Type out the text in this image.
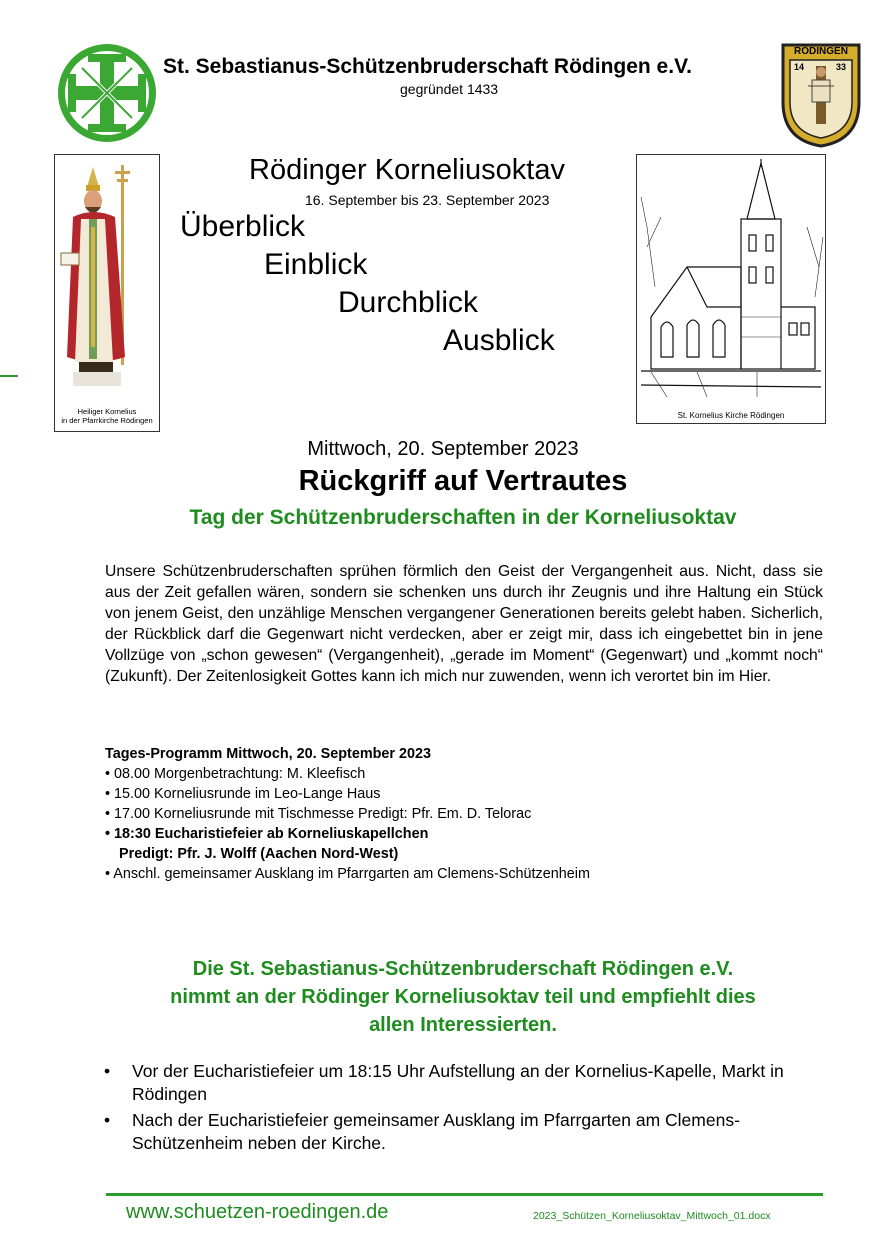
St. Sebastianus-Schützenbruderschaft Rödingen e.V.
gegründet 1433
RÖDINGEN
14	33
Heiliger Kornelius
in der Pfarrkirche Rödingen
Rödinger Korneliusoktav
16. September bis 23. September 2023
Überblick
Einblick
Durchblick
Ausblick
St. Kornelius Kirche Rödingen
Mittwoch, 20. September 2023
Rückgriff auf Vertrautes
Tag der Schützenbruderschaften in der Korneliusoktav
Unsere Schützenbruderschaften sprühen förmlich den Geist der Vergangenheit aus. Nicht, dass sie aus der Zeit gefallen wären, sondern sie schenken uns durch ihr Zeugnis und ihre Haltung ein Stück von jenem Geist, den unzählige Menschen vergangener Generationen bereits gelebt haben. Sicherlich, der Rückblick darf die Gegenwart nicht verdecken, aber er zeigt mir, dass ich eingebettet bin in jene Vollzüge von „schon gewesen“ (Vergangenheit), „gerade im Moment“ (Gegenwart) und „kommt noch“ (Zukunft). Der Zeitenlosigkeit Gottes kann ich mich nur zuwenden, wenn ich verortet bin im Hier.
Tages-Programm Mittwoch, 20. September 2023
• 08.00 Morgenbetrachtung: M. Kleefisch
• 15.00 Korneliusrunde im Leo-Lange Haus
• 17.00 Korneliusrunde mit Tischmesse Predigt: Pfr. Em. D. Telorac
• 18:30 Eucharistiefeier ab Korneliuskapellchen
Predigt: Pfr. J. Wolff (Aachen Nord-West)
• Anschl. gemeinsamer Ausklang im Pfarrgarten am Clemens-Schützenheim
Die St. Sebastianus-Schützenbruderschaft Rödingen e.V.
nimmt an der Rödinger Korneliusoktav teil und empfiehlt dies
allen Interessierten.
•	Vor der Eucharistiefeier um 18:15 Uhr Aufstellung an der Kornelius-Kapelle, Markt in Rödingen
•	Nach der Eucharistiefeier gemeinsamer Ausklang im Pfarrgarten am Clemens-Schützenheim neben der Kirche.
www.schuetzen-roedingen.de	2023_Schützen_Korneliusoktav_Mittwoch_01.docx
